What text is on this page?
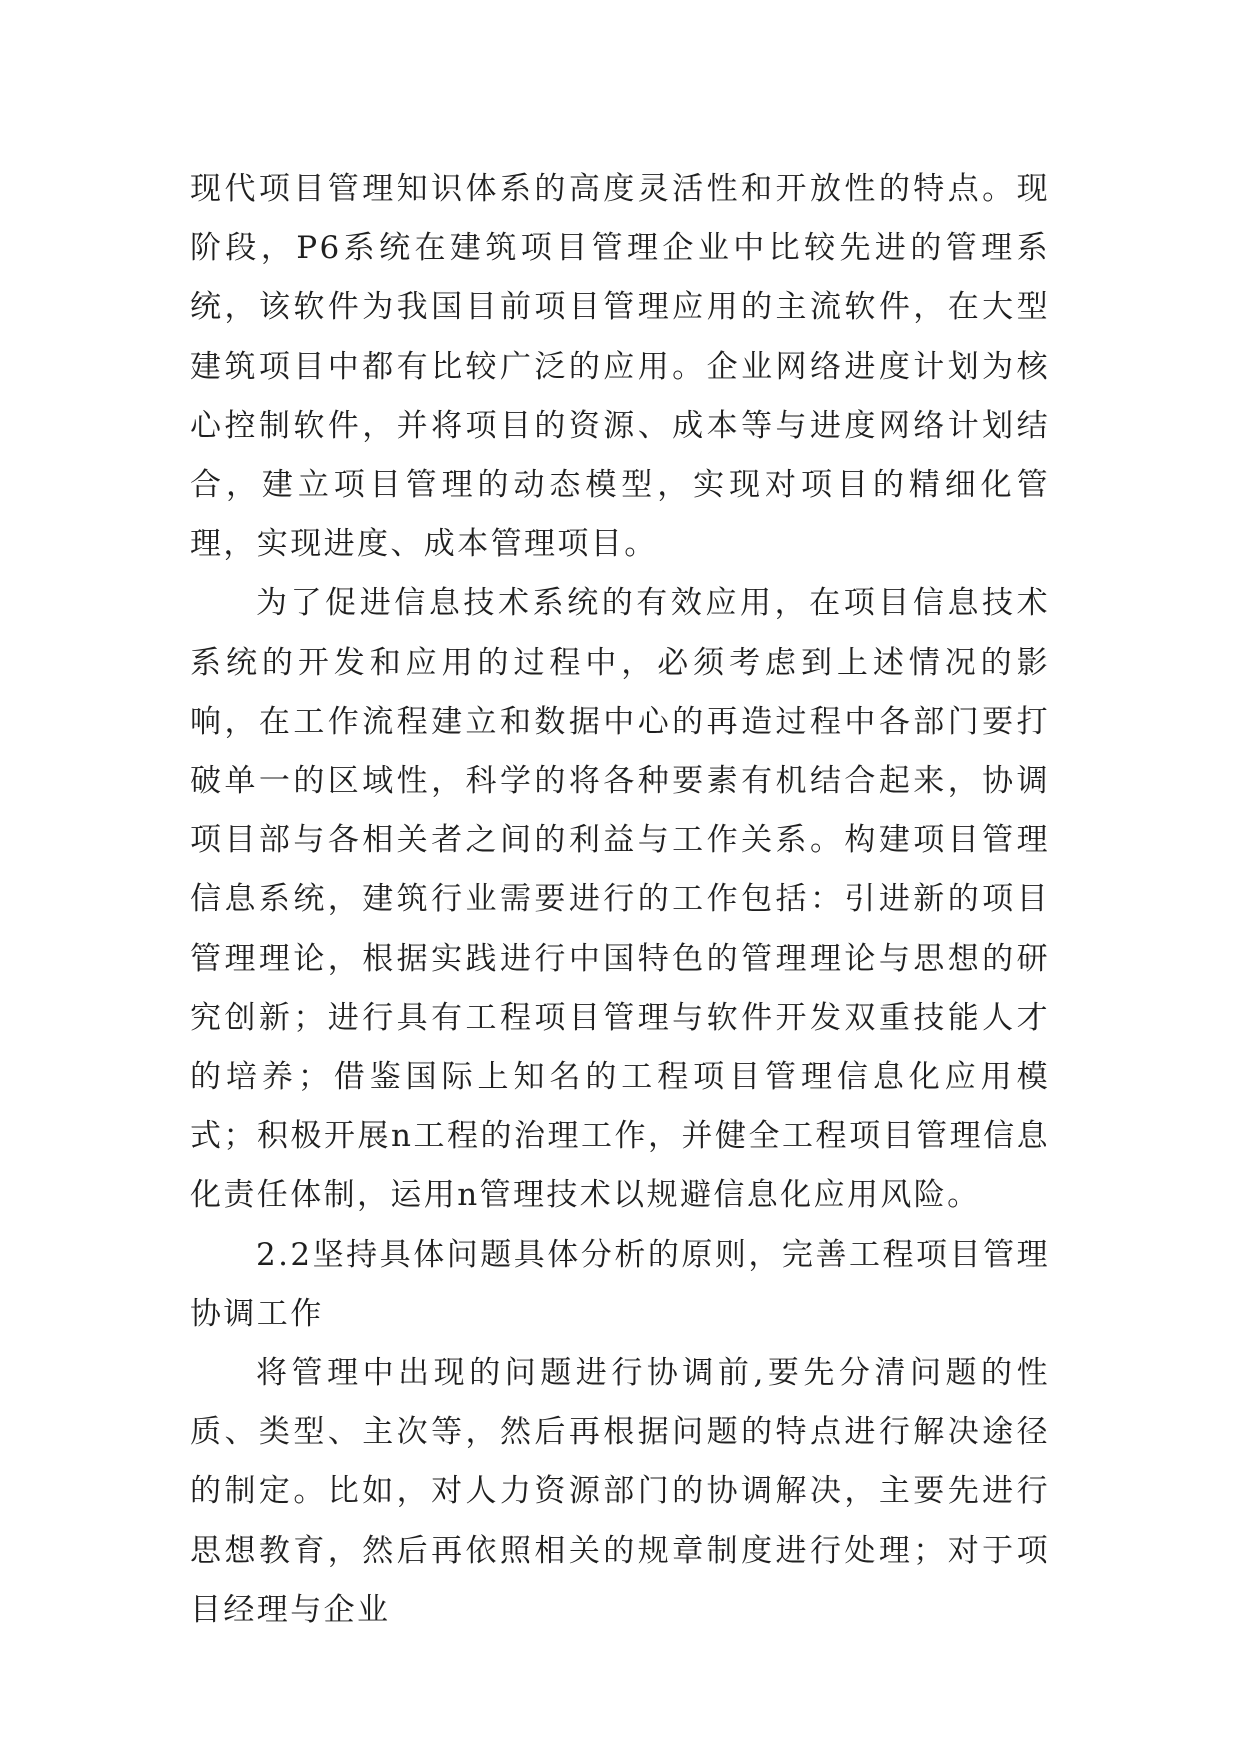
现代项目管理知识体系的高度灵活性和开放性的特点。现阶段，P6系统在建筑项目管理企业中比较先进的管理系统，该软件为我国目前项目管理应用的主流软件，在大型建筑项目中都有比较广泛的应用。企业网络进度计划为核心控制软件，并将项目的资源、成本等与进度网络计划结合，建立项目管理的动态模型，实现对项目的精细化管理，实现进度、成本管理项目。

为了促进信息技术系统的有效应用，在项目信息技术系统的开发和应用的过程中，必须考虑到上述情况的影响，在工作流程建立和数据中心的再造过程中各部门要打破单一的区域性，科学的将各种要素有机结合起来，协调项目部与各相关者之间的利益与工作关系。构建项目管理信息系统，建筑行业需要进行的工作包括：引进新的项目管理理论，根据实践进行中国特色的管理理论与思想的研究创新；进行具有工程项目管理与软件开发双重技能人才的培养；借鉴国际上知名的工程项目管理信息化应用模式；积极开展n工程的治理工作，并健全工程项目管理信息化责任体制，运用n管理技术以规避信息化应用风险。

2.2坚持具体问题具体分析的原则，完善工程项目管理协调工作

将管理中出现的问题进行协调前,要先分清问题的性质、类型、主次等，然后再根据问题的特点进行解决途径的制定。比如，对人力资源部门的协调解决，主要先进行思想教育，然后再依照相关的规章制度进行处理；对于项目经理与企业
